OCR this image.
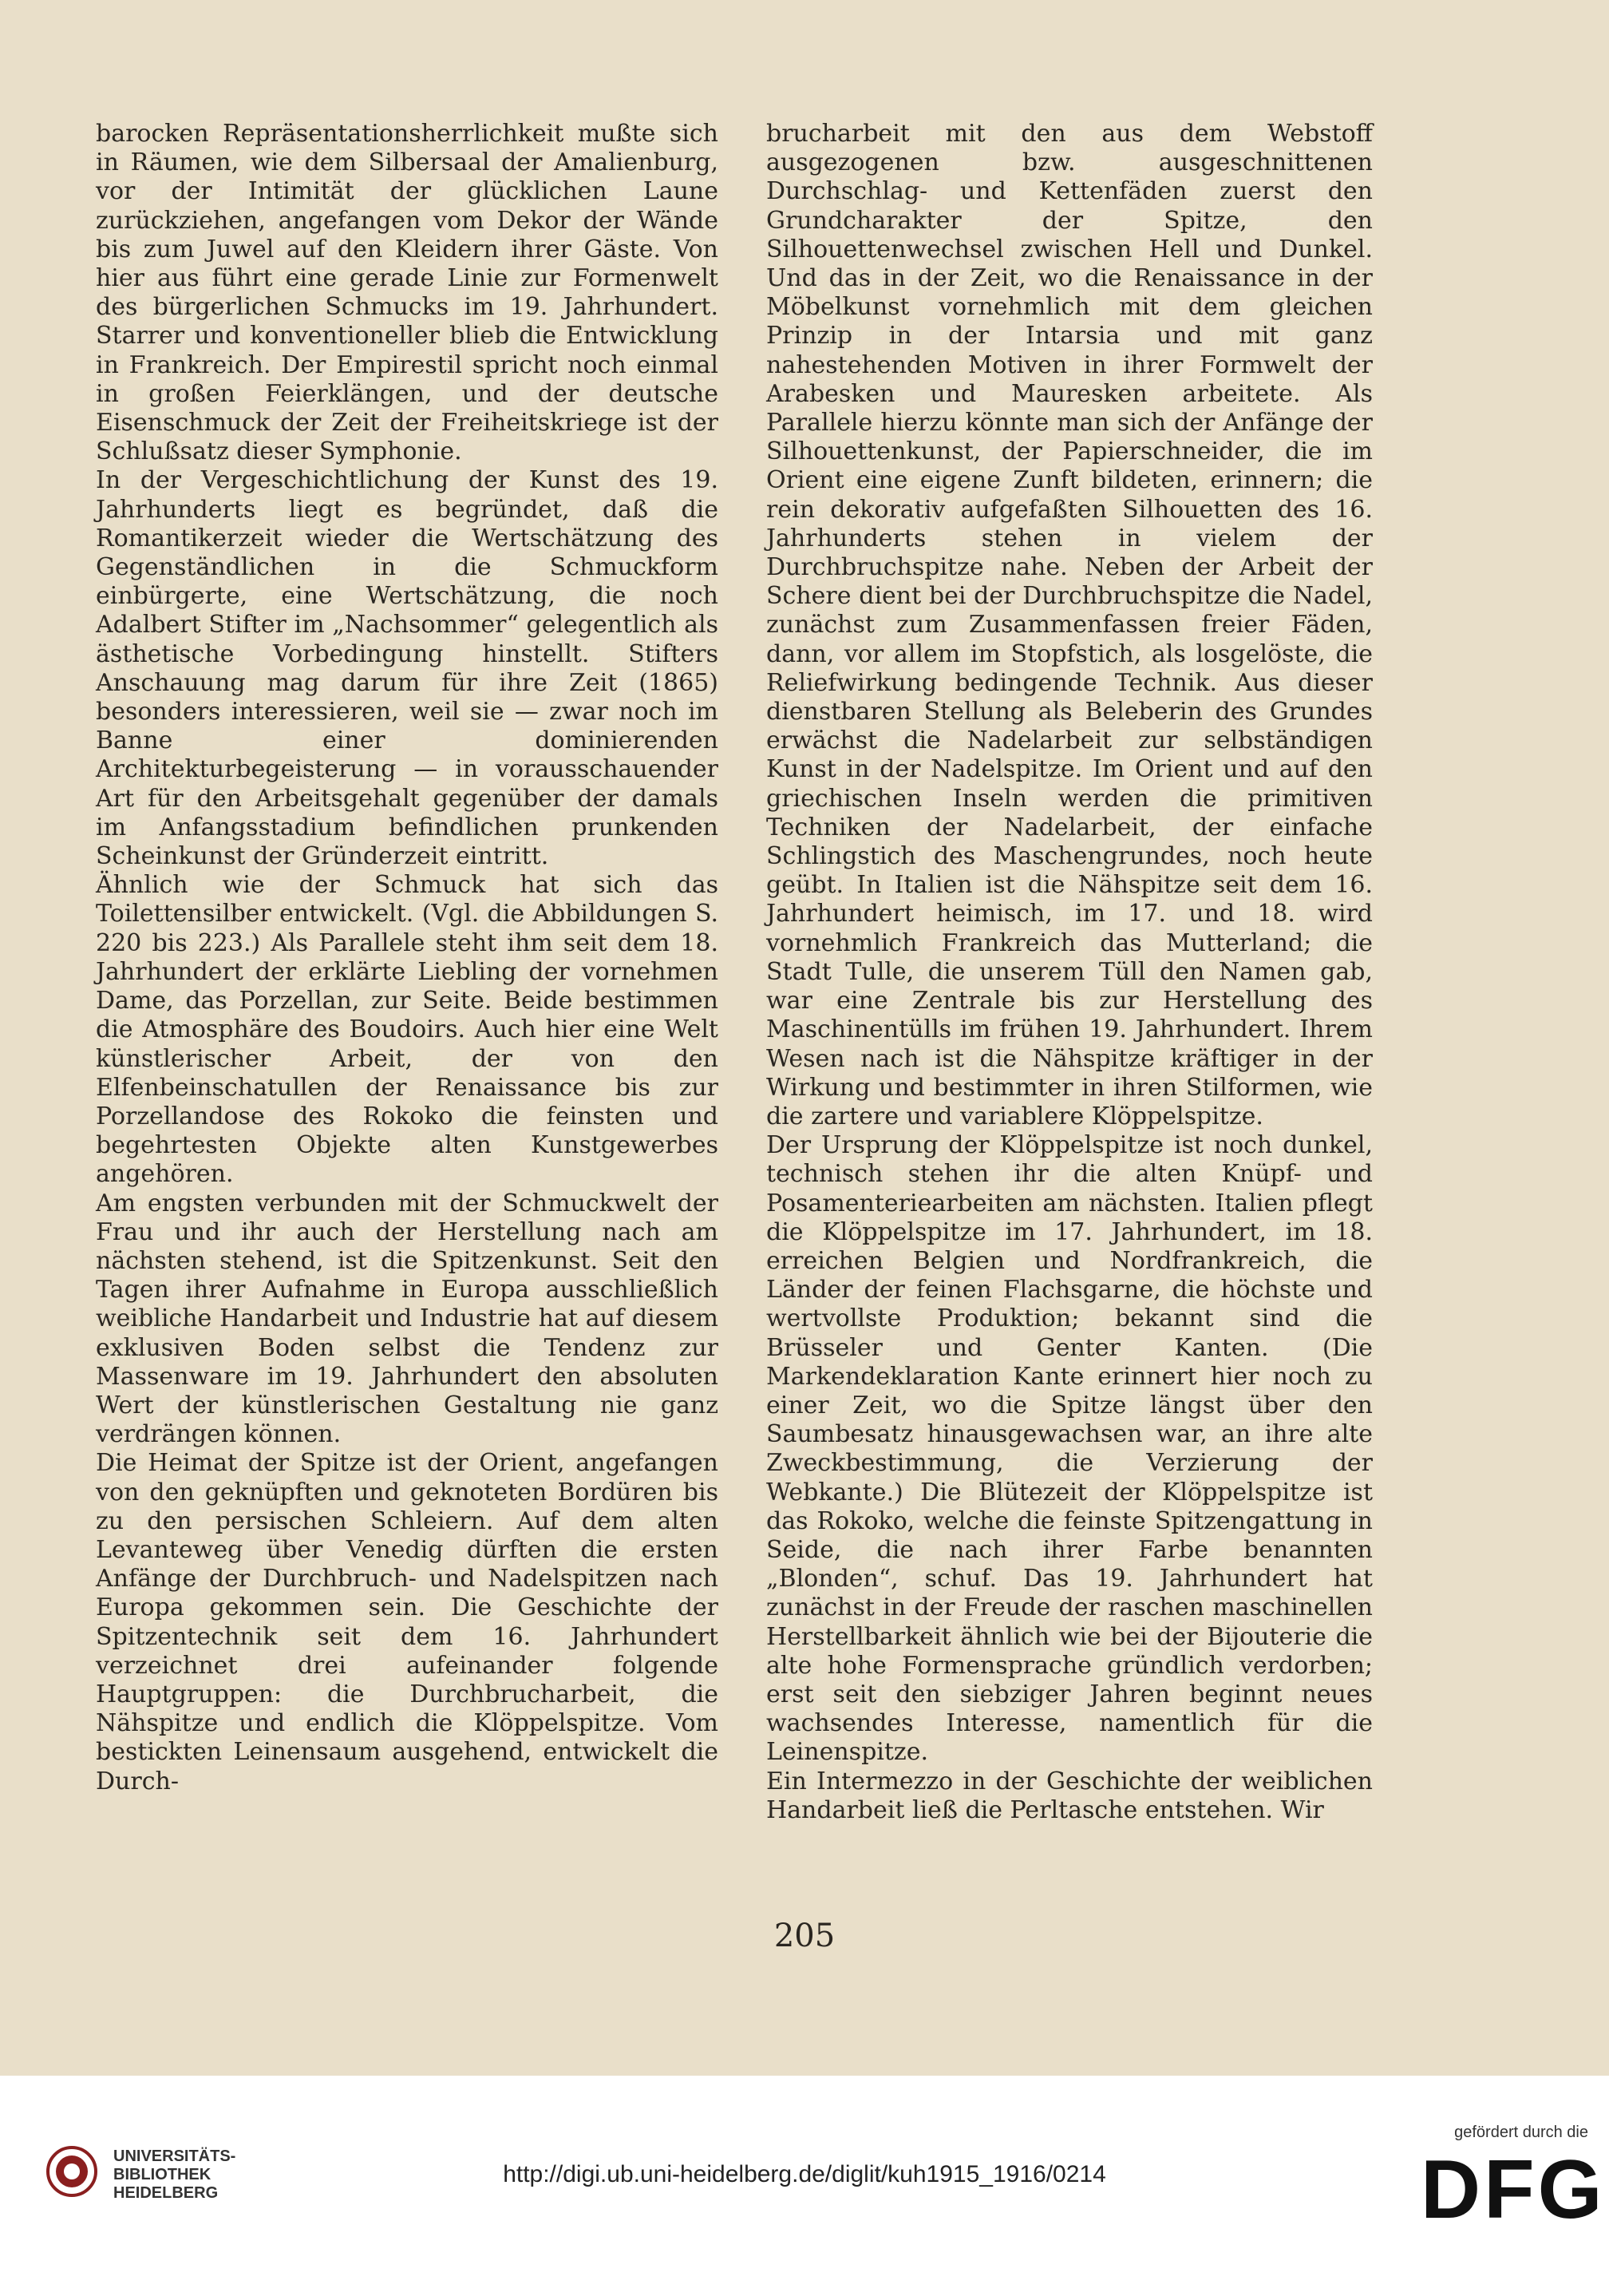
barocken Repräsentationsherrlichkeit mußte sich in Räumen, wie dem Silbersaal der Amalienburg, vor der Intimität der glücklichen Laune zurückziehen, angefangen vom Dekor der Wände bis zum Juwel auf den Kleidern ihrer Gäste. Von hier aus führt eine gerade Linie zur Formenwelt des bürgerlichen Schmucks im 19. Jahrhundert. Starrer und konventioneller blieb die Entwicklung in Frankreich. Der Empirestil spricht noch einmal in großen Feierklängen, und der deutsche Eisenschmuck der Zeit der Freiheitskriege ist der Schlußsatz dieser Symphonie.

In der Vergeschichtlichung der Kunst des 19. Jahrhunderts liegt es begründet, daß die Romantikerzeit wieder die Wertschätzung des Gegenständlichen in die Schmuckform einbürgerte, eine Wertschätzung, die noch Adalbert Stifter im „Nachsommer“ gelegentlich als ästhetische Vorbedingung hinstellt. Stifters Anschauung mag darum für ihre Zeit (1865) besonders interessieren, weil sie — zwar noch im Banne einer dominierenden Architekturbegeisterung — in vorausschauender Art für den Arbeitsgehalt gegenüber der damals im Anfangsstadium befindlichen prunkenden Scheinkunst der Gründerzeit eintritt.

Ähnlich wie der Schmuck hat sich das Toilettensilber entwickelt. (Vgl. die Abbildungen S. 220 bis 223.) Als Parallele steht ihm seit dem 18. Jahrhundert der erklärte Liebling der vornehmen Dame, das Porzellan, zur Seite. Beide bestimmen die Atmosphäre des Boudoirs. Auch hier eine Welt künstlerischer Arbeit, der von den Elfenbeinschatullen der Renaissance bis zur Porzellandose des Rokoko die feinsten und begehrtesten Objekte alten Kunstgewerbes angehören.

Am engsten verbunden mit der Schmuckwelt der Frau und ihr auch der Herstellung nach am nächsten stehend, ist die Spitzenkunst. Seit den Tagen ihrer Aufnahme in Europa ausschließlich weibliche Handarbeit und Industrie hat auf diesem exklusiven Boden selbst die Tendenz zur Massenware im 19. Jahrhundert den absoluten Wert der künstlerischen Gestaltung nie ganz verdrängen können.

Die Heimat der Spitze ist der Orient, angefangen von den geknüpften und geknoteten Bordüren bis zu den persischen Schleiern. Auf dem alten Levanteweg über Venedig dürften die ersten Anfänge der Durchbruch- und Nadelspitzen nach Europa gekommen sein. Die Geschichte der Spitzentechnik seit dem 16. Jahrhundert verzeichnet drei aufeinander folgende Hauptgruppen: die Durchbrucharbeit, die Nähspitze und endlich die Klöppelspitze. Vom bestickten Leinensaum ausgehend, entwickelt die Durch-

brucharbeit mit den aus dem Webstoff ausgezogenen bzw. ausgeschnittenen Durchschlag- und Kettenfäden zuerst den Grundcharakter der Spitze, den Silhouettenwechsel zwischen Hell und Dunkel. Und das in der Zeit, wo die Renaissance in der Möbelkunst vornehmlich mit dem gleichen Prinzip in der Intarsia und mit ganz nahestehenden Motiven in ihrer Formwelt der Arabesken und Mauresken arbeitete. Als Parallele hierzu könnte man sich der Anfänge der Silhouettenkunst, der Papierschneider, die im Orient eine eigene Zunft bildeten, erinnern; die rein dekorativ aufgefaßten Silhouetten des 16. Jahrhunderts stehen in vielem der Durchbruchspitze nahe. Neben der Arbeit der Schere dient bei der Durchbruchspitze die Nadel, zunächst zum Zusammenfassen freier Fäden, dann, vor allem im Stopfstich, als losgelöste, die Reliefwirkung bedingende Technik. Aus dieser dienstbaren Stellung als Beleberin des Grundes erwächst die Nadelarbeit zur selbständigen Kunst in der Nadelspitze. Im Orient und auf den griechischen Inseln werden die primitiven Techniken der Nadelarbeit, der einfache Schlingstich des Maschengrundes, noch heute geübt. In Italien ist die Nähspitze seit dem 16. Jahrhundert heimisch, im 17. und 18. wird vornehmlich Frankreich das Mutterland; die Stadt Tulle, die unserem Tüll den Namen gab, war eine Zentrale bis zur Herstellung des Maschinentülls im frühen 19. Jahrhundert. Ihrem Wesen nach ist die Nähspitze kräftiger in der Wirkung und bestimmter in ihren Stilformen, wie die zartere und variablere Klöppelspitze.

Der Ursprung der Klöppelspitze ist noch dunkel, technisch stehen ihr die alten Knüpf- und Posamenteriearbeiten am nächsten. Italien pflegt die Klöppelspitze im 17. Jahrhundert, im 18. erreichen Belgien und Nordfrankreich, die Länder der feinen Flachsgarne, die höchste und wertvollste Produktion; bekannt sind die Brüsseler und Genter Kanten. (Die Markendeklaration Kante erinnert hier noch zu einer Zeit, wo die Spitze längst über den Saumbesatz hinausgewachsen war, an ihre alte Zweckbestimmung, die Verzierung der Webkante.) Die Blütezeit der Klöppelspitze ist das Rokoko, welche die feinste Spitzengattung in Seide, die nach ihrer Farbe benannten „Blonden“, schuf. Das 19. Jahrhundert hat zunächst in der Freude der raschen maschinellen Herstellbarkeit ähnlich wie bei der Bijouterie die alte hohe Formensprache gründlich verdorben; erst seit den siebziger Jahren beginnt neues wachsendes Interesse, namentlich für die Leinenspitze.

Ein Intermezzo in der Geschichte der weiblichen Handarbeit ließ die Perltasche entstehen. Wir

205
UNIVERSITÄTS-
BIBLIOTHEK
HEIDELBERG
http://digi.ub.uni-heidelberg.de/diglit/kuh1915_1916/0214
gefördert durch die
DFG
